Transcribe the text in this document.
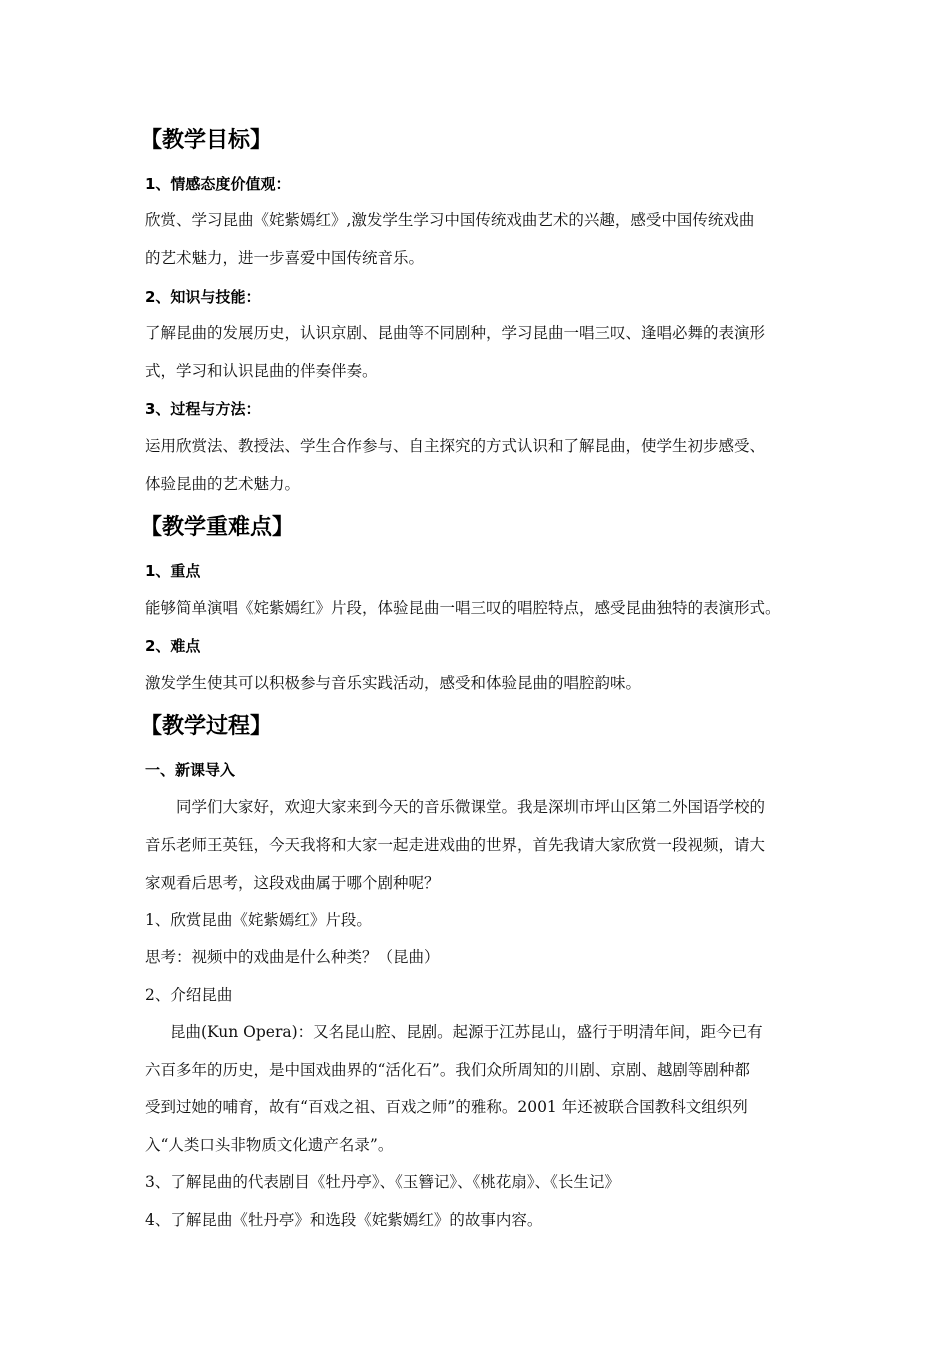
【教学目标】
1、情感态度价值观：
欣赏、学习昆曲《姹紫嫣红》,激发学生学习中国传统戏曲艺术的兴趣，感受中国传统戏曲
的艺术魅力，进一步喜爱中国传统音乐。
2、知识与技能：
了解昆曲的发展历史，认识京剧、昆曲等不同剧种，学习昆曲一唱三叹、逢唱必舞的表演形
式，学习和认识昆曲的伴奏伴奏。
3、过程与方法：
运用欣赏法、教授法、学生合作参与、自主探究的方式认识和了解昆曲，使学生初步感受、
体验昆曲的艺术魅力。
【教学重难点】
1、重点
能够简单演唱《姹紫嫣红》片段，体验昆曲一唱三叹的唱腔特点，感受昆曲独特的表演形式。
2、难点
激发学生使其可以积极参与音乐实践活动，感受和体验昆曲的唱腔韵味。
【教学过程】
一、新课导入
同学们大家好，欢迎大家来到今天的音乐微课堂。我是深圳市坪山区第二外国语学校的
音乐老师王英钰，今天我将和大家一起走进戏曲的世界，首先我请大家欣赏一段视频，请大
家观看后思考，这段戏曲属于哪个剧种呢？
1、欣赏昆曲《姹紫嫣红》片段。
思考：视频中的戏曲是什么种类？（昆曲）
2、介绍昆曲
昆曲(Kun Opera)：又名昆山腔、昆剧。起源于江苏昆山，盛行于明清年间，距今已有
六百多年的历史，是中国戏曲界的“活化石”。我们众所周知的川剧、京剧、越剧等剧种都
受到过她的哺育，故有“百戏之祖、百戏之师”的雅称。2001 年还被联合国教科文组织列
入“人类口头非物质文化遗产名录”。
3、了解昆曲的代表剧目《牡丹亭》、《玉簪记》、《桃花扇》、《长生记》
4、了解昆曲《牡丹亭》和选段《姹紫嫣红》的故事内容。
